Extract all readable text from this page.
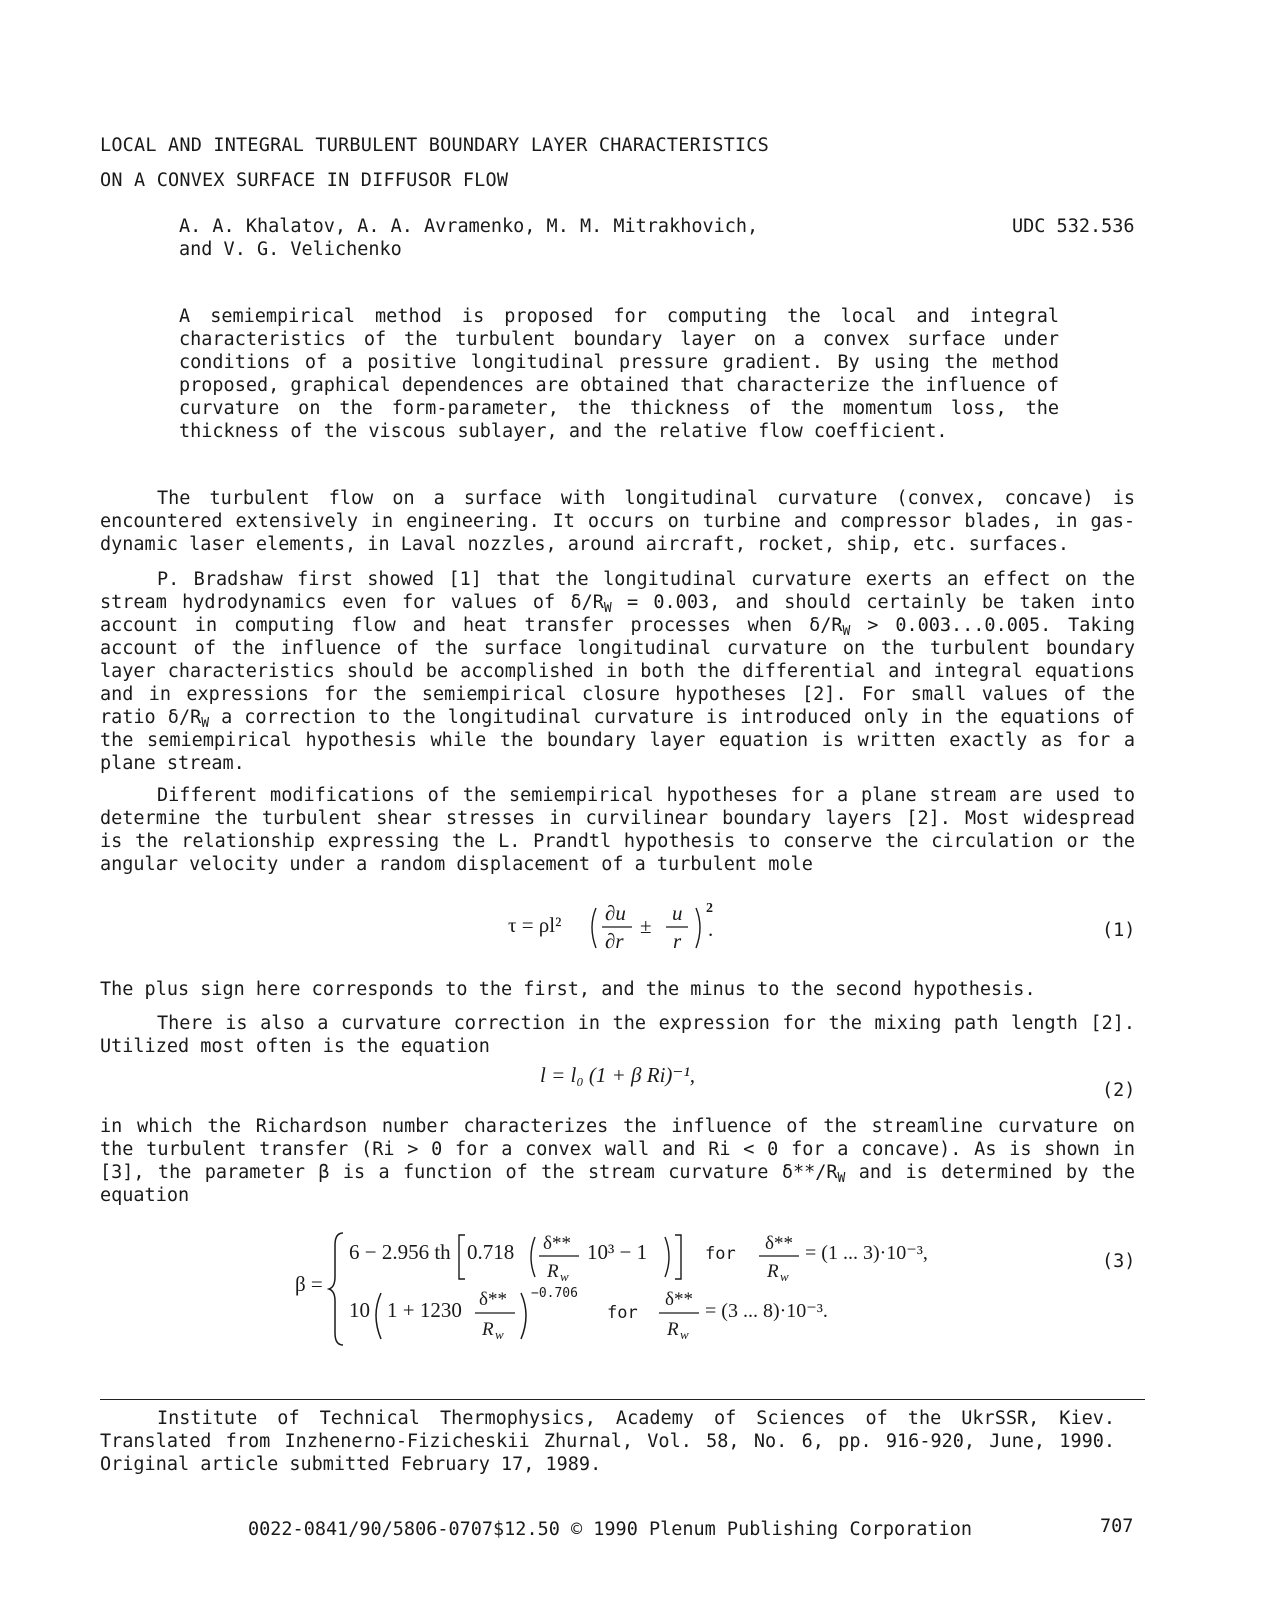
LOCAL AND INTEGRAL TURBULENT BOUNDARY LAYER CHARACTERISTICS
ON A CONVEX SURFACE IN DIFFUSOR FLOW
A. A. Khalatov, A. A. Avramenko, M. M. Mitrakhovich,
and V. G. Velichenko
UDC 532.536
A semiempirical method is proposed for computing the local and integral characteristics of the turbulent boundary layer on a convex surface under conditions of a positive longitudinal pressure gradient. By using the method proposed, graphical dependences are obtained that characterize the influence of curvature on the form-parameter, the thickness of the momentum loss, the thickness of the viscous sublayer, and the relative flow coefficient.

The turbulent flow on a surface with longitudinal curvature (convex, concave) is encountered extensively in engineering. It occurs on turbine and compressor blades, in gas-dynamic laser elements, in Laval nozzles, around aircraft, rocket, ship, etc. surfaces.

P. Bradshaw first showed [1] that the longitudinal curvature exerts an effect on the stream hydrodynamics even for values of $\delta/R_W = 0.003$, and should certainly be taken into account in computing flow and heat transfer processes when $\delta/R_W > 0.003...0.005$. Taking account of the influence of the surface longitudinal curvature on the turbulent boundary layer characteristics should be accomplished in both the differential and integral equations and in expressions for the semiempirical closure hypotheses [2]. For small values of the ratio $\delta/R_W$ a correction to the longitudinal curvature is introduced only in the equations of the semiempirical hypothesis while the boundary layer equation is written exactly as for a plane stream.

Different modifications of the semiempirical hypotheses for a plane stream are used to determine the turbulent shear stresses in curvilinear boundary layers [2]. Most widespread is the relationship expressing the L. Prandtl hypothesis to conserve the circulation or the angular velocity under a random displacement of a turbulent mole

τ = ρl² ∂u
∂r
±
u
r
2
.	(1)

The plus sign here corresponds to the first, and the minus to the second hypothesis.

There is also a curvature correction in the expression for the mixing path length [2]. Utilized most often is the equation

l = l₀ (1 + β Ri)⁻¹,
(2)

in which the Richardson number characterizes the influence of the streamline curvature on the turbulent transfer (Ri > 0 for a convex wall and Ri < 0 for a concave). As is shown in [3], the parameter β is a function of the stream curvature $\delta**/R_W$ and is determined by the equation

β =
6 − 2.956 th 0.718 δ**
R w
10³ − 1	for δ**
R w
= (1 ... 3)·10⁻³,
10 1 + 1230 δ**
R w
−0.706
for
δ**
R w
= (3 ... 8)·10⁻³.
(3)

Institute of Technical Thermophysics, Academy of Sciences of the UkrSSR, Kiev. Translated from Inzhenerno-Fizicheskii Zhurnal, Vol. 58, No. 6, pp. 916-920, June, 1990. Original article submitted February 17, 1989.

0022-0841/90/5806-0707$12.50 © 1990 Plenum Publishing Corporation	707
